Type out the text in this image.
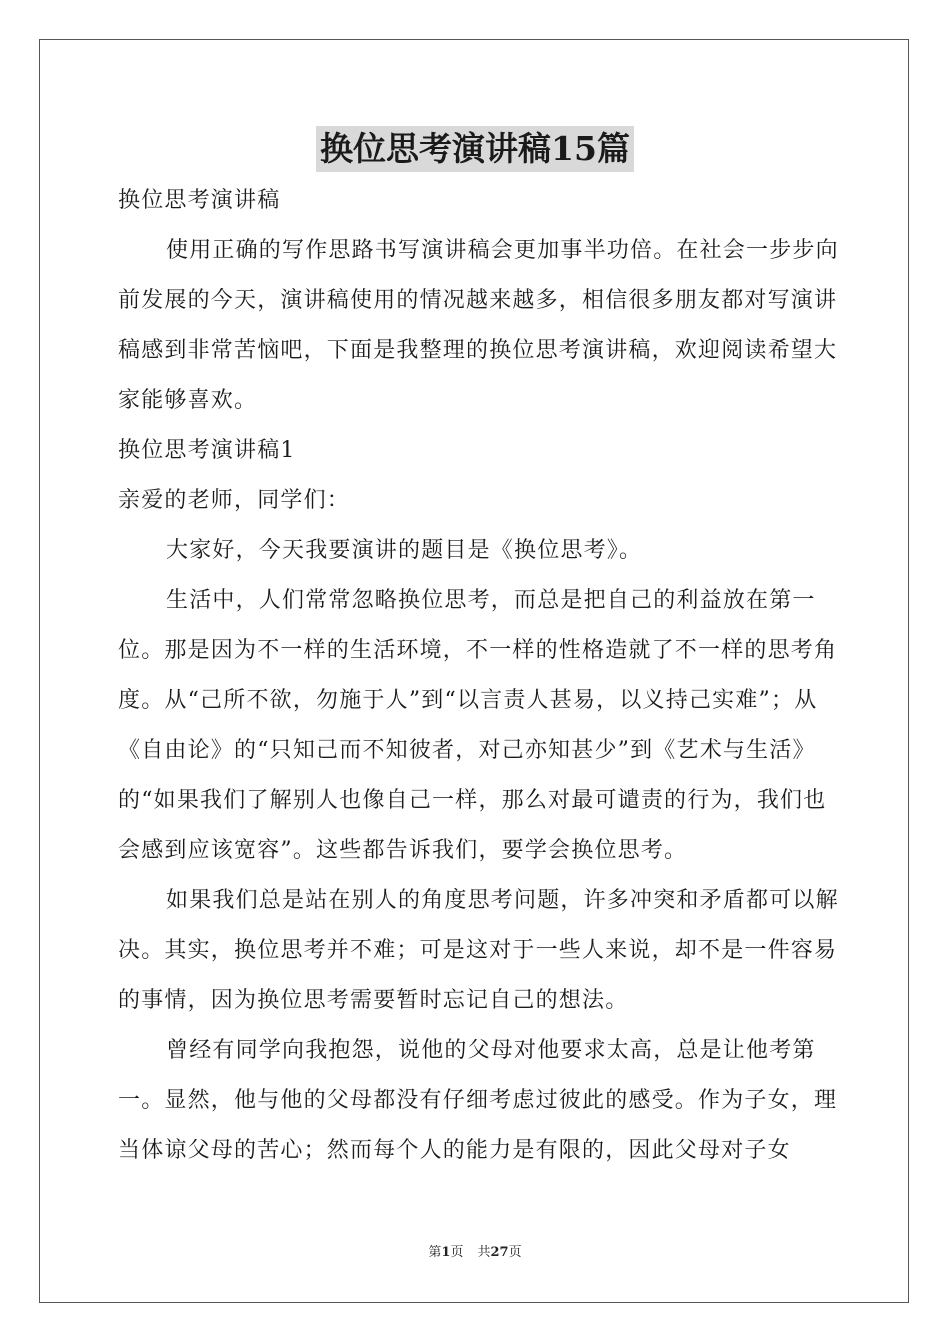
换位思考演讲稿15篇

换位思考演讲稿

使用正确的写作思路书写演讲稿会更加事半功倍。在社会一步步向前发展的今天，演讲稿使用的情况越来越多，相信很多朋友都对写演讲稿感到非常苦恼吧，下面是我整理的换位思考演讲稿，欢迎阅读希望大家能够喜欢。

换位思考演讲稿1

亲爱的老师，同学们：

大家好，今天我要演讲的题目是《换位思考》。

生活中，人们常常忽略换位思考，而总是把自己的利益放在第一位。那是因为不一样的生活环境，不一样的性格造就了不一样的思考角度。从“己所不欲，勿施于人”到“以言责人甚易，以义持己实难”；从《自由论》的“只知己而不知彼者，对己亦知甚少”到《艺术与生活》的“如果我们了解别人也像自己一样，那么对最可谴责的行为，我们也会感到应该宽容”。这些都告诉我们，要学会换位思考。

如果我们总是站在别人的角度思考问题，许多冲突和矛盾都可以解决。其实，换位思考并不难；可是这对于一些人来说，却不是一件容易的事情，因为换位思考需要暂时忘记自己的想法。

曾经有同学向我抱怨，说他的父母对他要求太高，总是让他考第一。显然，他与他的父母都没有仔细考虑过彼此的感受。作为子女，理当体谅父母的苦心；然而每个人的能力是有限的，因此父母对子女

第1页 共27页
